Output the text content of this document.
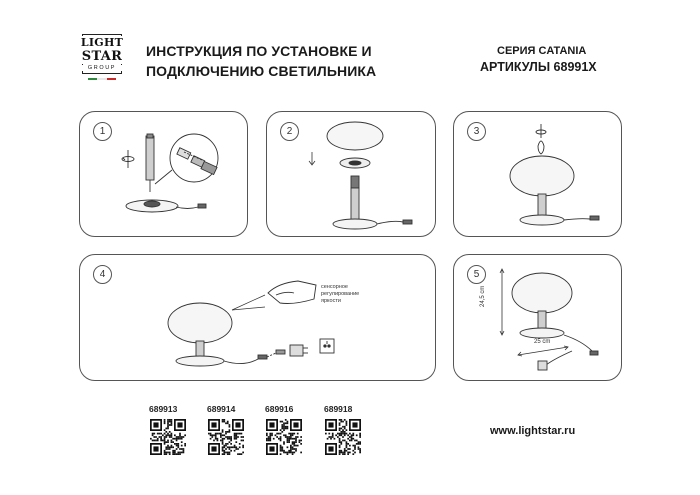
LIGHT
STAR
GROUP
ИНСТРУКЦИЯ ПО УСТАНОВКЕ И
ПОДКЛЮЧЕНИЮ СВЕТИЛЬНИКА
СЕРИЯ CATANIA
АРТИКУЛЫ 68991X
1	2	3
4
сенсорное
регулирование
яркости
5
24,5 cm
25 cm
689913	689914	689916	689918
www.lightstar.ru
